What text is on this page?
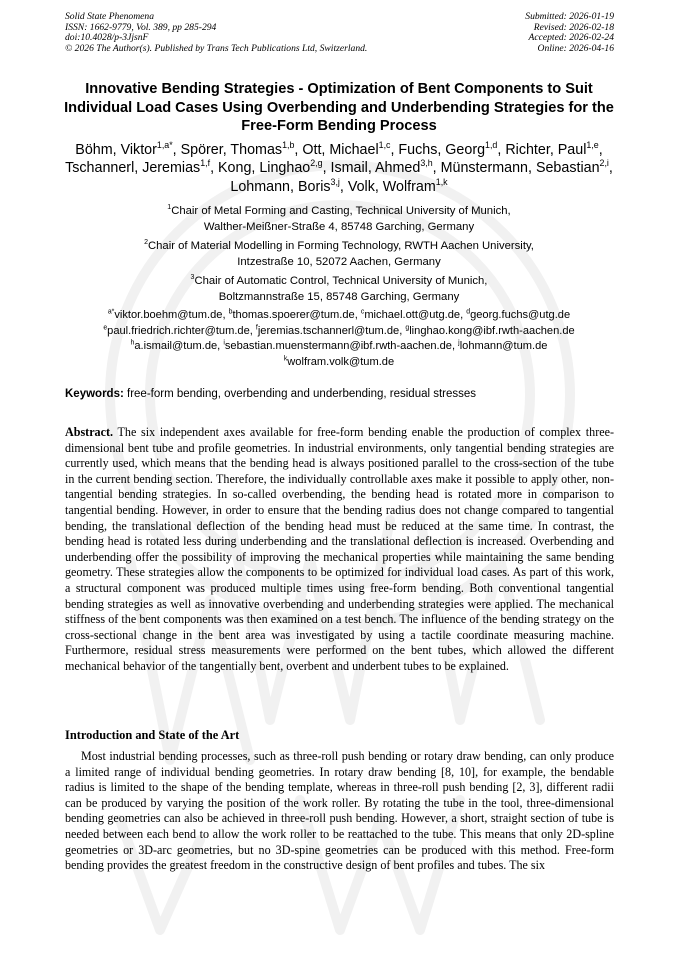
Solid State Phenomena
ISSN: 1662-9779, Vol. 389, pp 285-294
doi:10.4028/p-3JjsnF
© 2026 The Author(s). Published by Trans Tech Publications Ltd, Switzerland.
Submitted: 2026-01-19
Revised: 2026-02-18
Accepted: 2026-02-24
Online: 2026-04-16
Innovative Bending Strategies - Optimization of Bent Components to Suit Individual Load Cases Using Overbending and Underbending Strategies for the Free-Form Bending Process
Böhm, Viktor$^{1,a*}$, Spörer, Thomas$^{1,b}$, Ott, Michael$^{1,c}$, Fuchs, Georg$^{1,d}$, Richter, Paul$^{1,e}$, Tschannerl, Jeremias$^{1,f}$, Kong, Linghao$^{2,g}$, Ismail, Ahmed$^{3,h}$, Münstermann, Sebastian$^{2,i}$, Lohmann, Boris$^{3,j}$, Volk, Wolfram$^{1,k}$
$^1$Chair of Metal Forming and Casting, Technical University of Munich,
Walther-Meißner-Straße 4, 85748 Garching, Germany
$^2$Chair of Material Modelling in Forming Technology, RWTH Aachen University,
Intzestraße 10, 52072 Aachen, Germany
$^3$Chair of Automatic Control, Technical University of Munich,
Boltzmannstraße 15, 85748 Garching, Germany
$^{a*}$viktor.boehm@tum.de, $^b$thomas.spoerer@tum.de, $^c$michael.ott@utg.de, $^d$georg.fuchs@utg.de
$^e$paul.friedrich.richter@tum.de, $^f$jeremias.tschannerl@tum.de, $^g$linghao.kong@ibf.rwth-aachen.de
$^h$a.ismail@tum.de, $^i$sebastian.muenstermann@ibf.rwth-aachen.de, $^j$lohmann@tum.de
$^k$wolfram.volk@tum.de
Keywords: free-form bending, overbending and underbending, residual stresses
Abstract. The six independent axes available for free-form bending enable the production of complex three-dimensional bent tube and profile geometries. In industrial environments, only tangential bending strategies are currently used, which means that the bending head is always positioned parallel to the cross-section of the tube in the current bending section. Therefore, the individually controllable axes make it possible to apply other, non-tangential bending strategies. In so-called overbending, the bending head is rotated more in comparison to tangential bending. However, in order to ensure that the bending radius does not change compared to tangential bending, the translational deflection of the bending head must be reduced at the same time. In contrast, the bending head is rotated less during underbending and the translational deflection is increased. Overbending and underbending offer the possibility of improving the mechanical properties while maintaining the same bending geometry. These strategies allow the components to be optimized for individual load cases. As part of this work, a structural component was produced multiple times using free-form bending. Both conventional tangential bending strategies as well as innovative overbending and underbending strategies were applied. The mechanical stiffness of the bent components was then examined on a test bench. The influence of the bending strategy on the cross-sectional change in the bent area was investigated by using a tactile coordinate measuring machine. Furthermore, residual stress measurements were performed on the bent tubes, which allowed the different mechanical behavior of the tangentially bent, overbent and underbent tubes to be explained.
Introduction and State of the Art
Most industrial bending processes, such as three-roll push bending or rotary draw bending, can only produce a limited range of individual bending geometries. In rotary draw bending [8, 10], for example, the bendable radius is limited to the shape of the bending template, whereas in three-roll push bending [2, 3], different radii can be produced by varying the position of the work roller. By rotating the tube in the tool, three-dimensional bending geometries can also be achieved in three-roll push bending. However, a short, straight section of tube is needed between each bend to allow the work roller to be reattached to the tube. This means that only 2D-spline geometries or 3D-arc geometries, but no 3D-spine geometries can be produced with this method. Free-form bending provides the greatest freedom in the constructive design of bent profiles and tubes. The six
